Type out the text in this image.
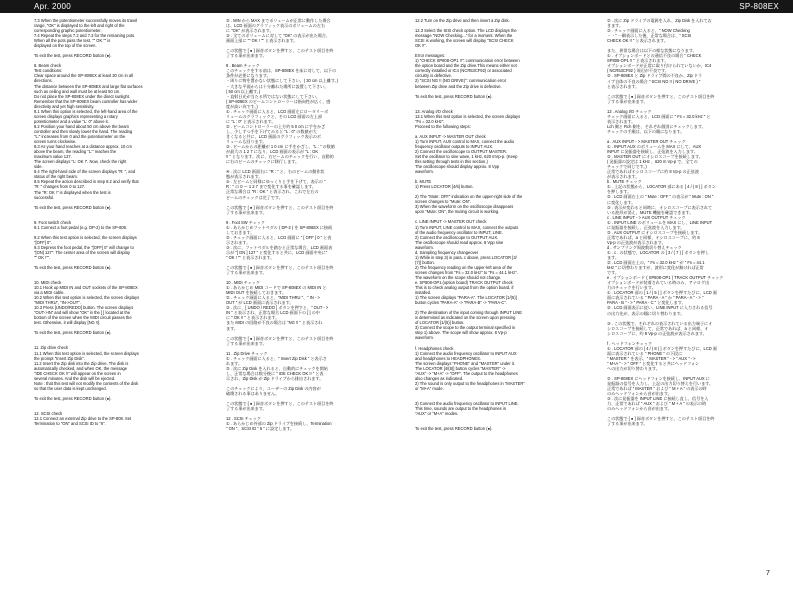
Apr. 2000	SP-808EX
7.3 When the potentiometer successfully moves its travel
range, "OK" is displayed to the left and right of the
corresponding graphic potentiometer.
7.4 Repeat the steps 7.2 and 7.3 for the remaining pots.
When all the pots pass the test, "" OK "" is
displayed on the top of the screen.
To exit the test, press RECORD button (●).
8. Beam check
Test conditions:
Clear space around the SP-808EX at least 30 cm in all
directions.
The distance between the SP-808EX and large flat surfaces
such as ceiling and wall must be at least 50 cm.
Do not place the SP-808EX under the direct sunlight.
Remember that the SP-808EX beam controller has wider
directivity and yet high sensitivity.
8.1 When this option is selected, the left-hand area of the
screen displays graphics representing a rotary
potentiometer and a value "L: 0" above it.
8.2 Position your hand about 50 cm above the beam
controller and then slowly lower the hand. The reading
"L:" increases from 0 and the potentiometer on the
screen turns clockwise.
8.3 As your hand reaches at a distance approx. 10 cm
above the beam, the reading "L:" reaches the
maximum value 127.
The screen displays "L: OK !". Now, check the right
side.
8.4 The right-hand side of the screen displays "R: ", and
status of the right beam.
8.5 Repeat the action described in step 8.2 and verify that
"R: " changes from 0 to 127.
The "R: OK !" is displayed when the test is
successful.
To exit the test, press RECORD button (●).
9. Foot switch check
9.1 Connect a foot pedal (e.g. DP-2) to the SP-808.
9.2 When this test option is selected, the screen displays
"[OFF] 0".
9.3 Depress the foot pedal, the "[OFF] 0" will change to
"[ON] 127". The center area of the screen will display
"" OK !"".
To exit the test, press RECORD button (●).
10. MIDI check
10.1 Hook up MIDI IN and OUT sockets of the SP-808EX
via a MIDI cable.
10.2 When this test option is selected, the screen displays
"MIDI THRU", "IN->OUT".
10.3 Press [UNDO/REDO] button. The screen displays
"OUT->IN" and will show "OK" in the [ ] located at the
bottom of the screen when the MIDI circuit passes the
test. Otherwise, it will display [NG !!].
To exit the test, press RECORD button (●).
11. Zip drive check
11.1 When this test option is selected, the screen displays
the prompt "Insert Zip Disk".
11.2 Insert the Zip disk into the Zip drive. The disk is
automatically checked, and when OK, the message
"IDE CHECK OK !!" will appear on the screen in
several minutes. And the disk will be ejected.
Note : that this test will not modify the contents of the disk
so that the user data is kept unchanged.
To exit the test, press RECORD button (●).
12. SCSI check
12.1 Connect an external Zip drive to the SP-808. Set
Termination to "ON" and SCSI ID to "6".
② . MIN から MAX までポリュームが正常に動作した場合
は、LCD 画面のグラフィック表示のボリュームの左右
に "OK" が表示されます。
③ . 全てのボリュームに対して "OK" の表示が出た場合、
画面上部に "" OK ! "" と表示されます。
この状態で [ ● ] 録音ボタンを押すと、このテスト項目を終
了する事が出来ます。
8 . Beam チェック
このチェックをする前は、SP-808EX を床に対して、以下の
条件が必要になります。
・周りに物を置かない状態にして下さい。( 30 cm 以上離す。)
・大きな平面からは十分離れた場所に設置して下さい。
( 50 cm 以上離す。)
・直射日光が当たる所ではない状態にして下さい。
( SP-808EX のビームコントローラーは指向性が広く、感
度が高い為です。)
① . チェック画面に入ると、LCD 画面左にロータリーボ
リュームのグラフィックと、その LCD 画面の左上部
に "L : 0" と表示されます。
② . ビームコントローラーの上方約 5 0 cm に手をかざ
し、少しずつ手を下げてみると "L : 0" の数値が大
きくなると共に、LCD 画面のグラフィック表示のボ
リュームも回ります。
③ . ビームからの距離が 1 0 cm に手をかざし、"L : " の数値
が最大の 1 2 7 になり、LCD 画面の表示が "L : OK
!! " となります。次に、右ビームのチェックを行い、自動的
に右のビームのチェックに移行します。
④ . 次に LCD 画面右に "R : " と、右のビームの動作状
態が表示されます。
⑤ . 左ビームと同様にゆっくりと手を下げて、表示の "
R : " の 0 〜 1 2 7 まで変化する事を確認します。
正常な場合は "R : OK " と表示され、これで左右の
ビームのチェックは完了です。
この状態で [ ● ] 録音ボタンを押すと、このテスト項目を終
了する事が出来ます。
9 . Foot SW チェック
① . あらかじめフットペダル ( DP-2 ) を SP-808EX に接続
しておきます。
② . チェック画面に入ると、LCD 画面に " [ OFF ] 0 " と表
示されます。
③ . 次に、フットペダルを踏むと正常な場合、LCD 画面表
示が "[ ON ] 127 " と変化すると共に、LCD 画面中央に"
" OK ! "" と表示されます。
この状態で [ ● ] 録音ボタンを押すと、このテスト項目を終
了する事が出来ます。
10 . MIDI チェック
① . あらかじめ MIDI コードで SP-808EX の MIDI IN と
MIDI OUT を接続しておきます。
② . チェック画面に入ると、"MIDI THRU "、" IN - >
OUT " が LCD 画面に表示されます。
③ . 次に、[ UNDO / REDO ] ボタンを押すと、" OUT - >
IN " と表示され、正常な場合 LCD 画面下の [ ] の中
に " OK !! " と表示されます。
また MIDI の回路が不良の場合は "NG !! " と表示され
ます。
この状態で [ ● ] 録音ボタンを押すと、このテスト項目を終
了する事が出来ます。
11 . Zip Drive チェック
① . チェック画面に入ると、" Insert Zip Disk " と表示さ
れます。
② . 次に Zip Disk を入れると、自動的にチェックを開始
し、正常な場合は数分後に " IDE CHECK OK !! " と表
示され、Zip Disk が Zip ドライブから排出されます。
このチェックにより、ユーザーの Zip Disk の内容が
破壊される事はありません。
この状態で [ ● ] 録音ボタンを押すと、このテスト項目を終
了する事が出来ます。
12 . SCSI チェック
① . あらかじめ外部の Zip ドライブを接続し、Termination
" ON "、SCSI ID " 6 " に設定します。
12.2 Turn on the Zip drive and then insert a Zip disk.
12.3 Select the SISI check option. The LCD displays the
message "NOW Checking..." for a moment. When the
SCSI is working, the screen will display "SCSI CHECK
OK !!".
Error messages:
1) "CHECK SP808-OP1 !!": communication error between
the option board and the Zip drive.This means either not
correctly installed or IC4 (NCR53CF92) or associated
circuitry is defective.
2) "SCSI NG !! (NO DRIVE)": communication error
between Zip drive and the Zip drive is defective.
To exit the test, press RECORD button (●).
13. Analog I/O check
13.1 When this test option is selected, the screen displays
"Fs = 32.0 kHz".
Proceed to the following steps:
a. AUX INPUT -> MASTER OUT check
1) Turn INPUT, AUX control to MAX, connect the audio
frequency oscillator outputs to INPUT AUX.
2) Connect the oscilloscope to OUTPUT MASTER.
Set the oscillator to sine wave, 1 kHz, 620 mVp-p. (Keep
this setting through tests in this section.)
The oscilloscope should display approx. 8 Vpp
waveform.
b. MUTE
1) Press LOCATOR [4/6] button.
2) The "Mute: OFF" indication on the upper-right side of the
screen changes to "Mute: ON".
3) When the waveform on the oscilloscope disappears
upon "Mute: ON", the muting circuit is working.
c. LINE INPUT -> MASTER OUT check
1) Turn INPUT, LINE control to MAX, connect the outputs
of the audio frequency oscillator to INPUT, LINE.
2) Connect the oscilloscope to OUTPUT AUX.
The oscilloscope should read approx. 8 Vpp sine
waveform.
d. Sampling frequency changeover
1) While in step 3) in para. c above, press LOCATOR [3/
(7)] button.
2) The frequency reading on the upper-left area of the
screen changes from "Fs = 32.0 kHz" to "Fs = 44.1 kHz".
The waveform on the scope should not change.
e. SP808-OP1 (option board) TRACK OUTPUT check
This is to check analog output from the option board, if
installed.
1) The screen displays "PARA-A". The LOCATOR [1/(5)]
button cycles "PARA-A" -> "PARA-B" -> "PARA-C".
2) The destination of the input coming through INPUT LINE
is determined as indicated on the screen upon pressing
of LOCATOR [1/(5)] button.
3) Connect the scope to the output terminal specified in
step 1) above. The scope will show approx. 8 Vp-p
waveform.
f. Headphones check
1) Connect the audio frequency oscillator to INPUT AUX
and headphones to HEADPHONES.
The screen displays "PHONE" and "MASTER" under it.
The LOCATOR [4/(8)] button cycles "MASTER" ->
"AUX" -> "M+A" -> "OFF". The output to the headphones
also changes as indicated.
2) The sound is only output to the headphones in "MASTER"
or "M+A" mode.
3) Connect the audio frequency oscillator to INPUT LINE.
This time, sounds are output to the headphones in
"AUX" or "M+A" modes.
To exit the test, press RECORD button (●).
② . 次に Zip ドライブの電源を入れ、Zip Disk を入れてお
きます。
③ . チェック画面に入ると、" NOW Checking
・・" 一瞬表示した後、正常な場合は、" SCSI
CHECK OK !! " と表示されます。
また、異常な場合は以下の様な状態になります。
① . オプションボードとの通信不良の場合 " CHECK
SP808-OP1 !! " と表示されます。
オプションボードが正常に取り付けられていないか、IC4
( NCR53CF92 ) 周辺が不良です。
② . SP-808EX と Zip ドライブ間の不良か、Zip ドラ
イブ自体の不良の場合 " SCSI NG !! ( NO DRIVE ) "
と表示されます。
この状態で [ ● ] 録音ボタンを押すと、このテスト項目を終
了する事が出来ます。
13 . Analog I/O チェック
チェック画面に入ると、LCD 画面に " Fs = 32.0 kHz " と
表示されます。
Lch 側と Rch 側を、それぞれ個別にチェックします。
チェックの手順は、以下の順になります。
a . AUX INPUT - > MASTER OUT チェック
① . INPUT AUX のボリュームを MAX にして、AUX
INPUT に発振器を接続し、正弦波を入力します。
② . MASTER OUT にオシロスコープを接続します。
( 発振器の設定は 1 kHz 、620 m Vp-p で、全ての
チェックで同じです。)
正常であればオシロスコープに約 8 Vp-p の正弦波
が表示されます。
b . MUTE チェック
① . 上記の状態から、LOCATOR 部にある [ 4 / ( 8 ) ] ボタン
を押します。
② . LCD 画面右上の " Mute : OFF " の表示が " Mute : ON "
に変化します。
③ . 表示が変わると同時に、オシロスコープに表示されて
いる波形が消え、MUTE 機能を確認できます。
c . LINE INPUT - > AUX OUTPUT チェック
① . INPUT LINE のボリュームを MAX にし、LINE INPUT
に発振器を接続し、正弦波を入力します。
② . AUX OUTPUT にオシロスコープを接続します。
正常であれば、a と同様、オシロスコープに、約 8
Vp-p の正弦波が表示されます。
d . サンプリング周波数切り替えチェック
① . c . の状態で、LOCATOR の [ 3 / ( 7 ) ] ボタンを押し
ます。
② . LCD 画面左上の、" Fs = 32.0 kHz " が " Fs = 44.1
kHz " に切替わりますが、波形に変化が無ければ正常
です。
e . オプションボード ( SP808-OP1 ) TRACK OUTPUT チェック
オプションボードが装着されている時のみ、アナログ出
力のチェックを行います。
① . LOCATOR 部の [ 1 / ( 5 ) ] ボタンを押すたびに、LCD 画
面に表示されている " PARA - A " か " PARA - A " - > "
PARA - B " - > " PARA - C " と変化します。
② . LCD 画面表示に従い、LINE INPUT に入力される信号
の出力先が、表示の順に切り替わります。
③ . この状態で、それぞれの表示されている出力端子にオ
シロスコープを接続して、正常であれば、a と同様、オ
シロスコープに、約 8 Vp-p の正弦波が表示されます。
f . ヘッドフォンチェック
① . LOCATOR 部の [ 4 / ( 8 ) ] ボタンを押すたびに、LCD 画
面に表示されている " PHONE " の下段に
" MASTER " を表示、" MASTER " - > " AUX " - >
" M+A " - > " OFF " と変化すると共にヘッドフォン
への出力が切り替わります。
② . SP-808EX にヘッドフォンを接続し、INPUT AUX に
発振器の信号を入力し、上記の出力切り替えを行います。
正常であれば " MASTER " および " M + A " の表示の時
のみヘッドフォンから音が出ます。
③ . 次に発振器を INPUT LINE に接続し直し、信号を入
力、正常であれば " AUX " および " M + A " の表示の時
のみヘッドフォンから音が出ます。
この状態で [ ● ] 録音ボタンを押すと、このテスト項目を終
了する事が出来ます。
7
